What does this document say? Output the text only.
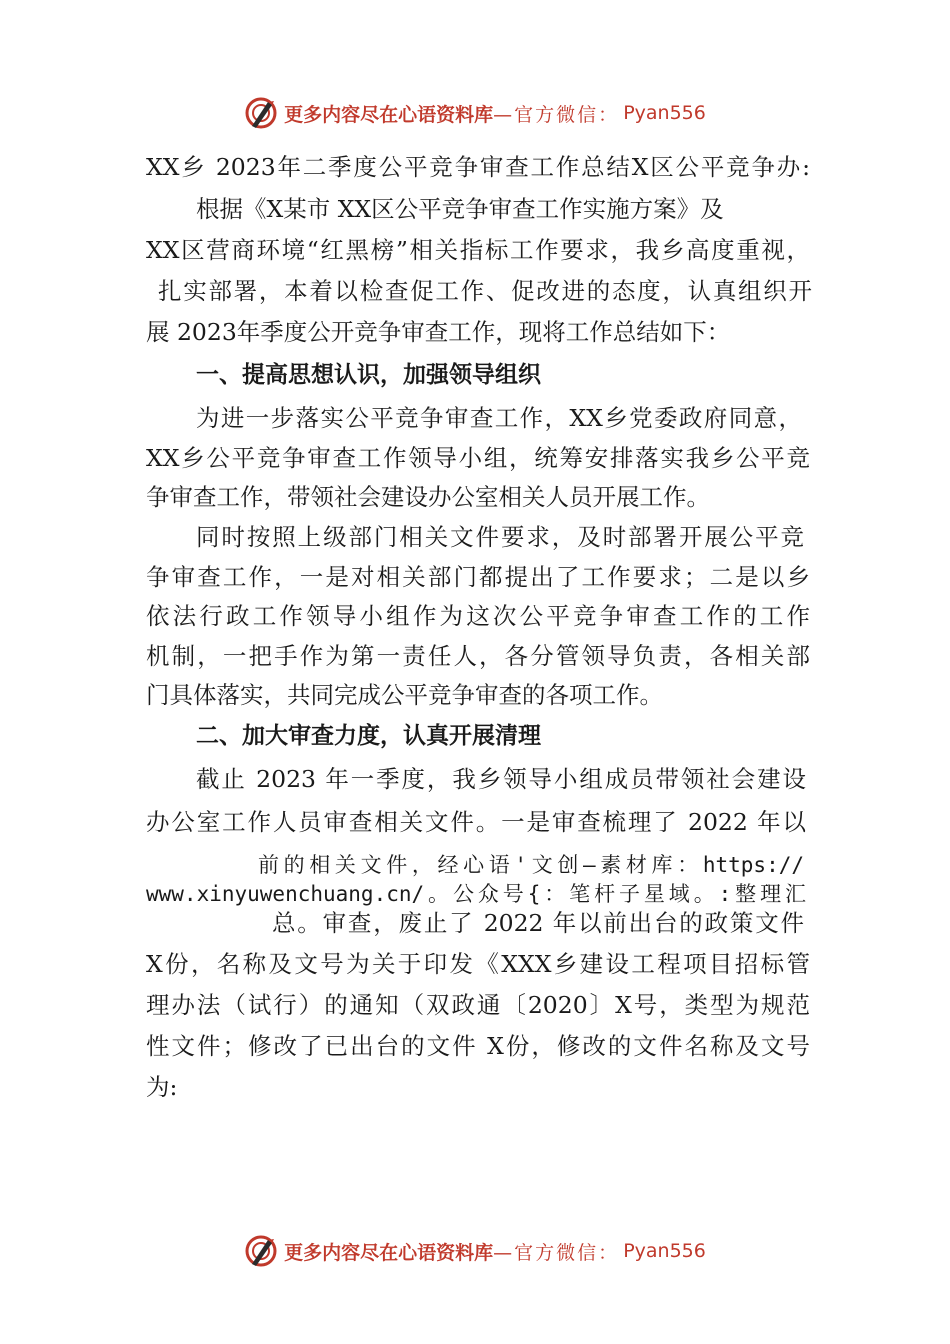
更多内容尽在心语资料库 —官方微信： Pyan556
XX乡 2023年二季度公平竞争审查工作总结X区公平竞争办:
根据《X某市 XX区公平竞争审查工作实施方案》及
XX区营商环境“红黑榜”相关指标工作要求，我乡高度重视，
扎实部署，本着以检查促工作、促改进的态度，认真组织开
展 2023年季度公开竞争审查工作，现将工作总结如下：
一、提高思想认识，加强领导组织
为进一步落实公平竞争审查工作，XX乡党委政府同意，
XX乡公平竞争审查工作领导小组，统筹安排落实我乡公平竞
争审查工作，带领社会建设办公室相关人员开展工作。
同时按照上级部门相关文件要求，及时部署开展公平竞
争审查工作，一是对相关部门都提出了工作要求；二是以乡
依法行政工作领导小组作为这次公平竞争审查工作的工作
机制，一把手作为第一责任人，各分管领导负责，各相关部
门具体落实，共同完成公平竞争审查的各项工作。
二、加大审查力度，认真开展清理
截止 2023 年一季度，我乡领导小组成员带领社会建设
办公室工作人员审查相关文件。一是审查梳理了 2022 年以
前的相关文件，经心语'文创—素材库：https://
www.xinyuwenchuang.cn/。公众号{：笔杆子星域。:整理汇
总。审查，废止了 2022 年以前出台的政策文件
X份，名称及文号为关于印发《XXX乡建设工程项目招标管
理办法（试行）的通知（双政通〔2020〕X号，类型为规范
性文件；修改了已出台的文件 X份，修改的文件名称及文号
为:
更多内容尽在心语资料库 —官方微信： Pyan556
